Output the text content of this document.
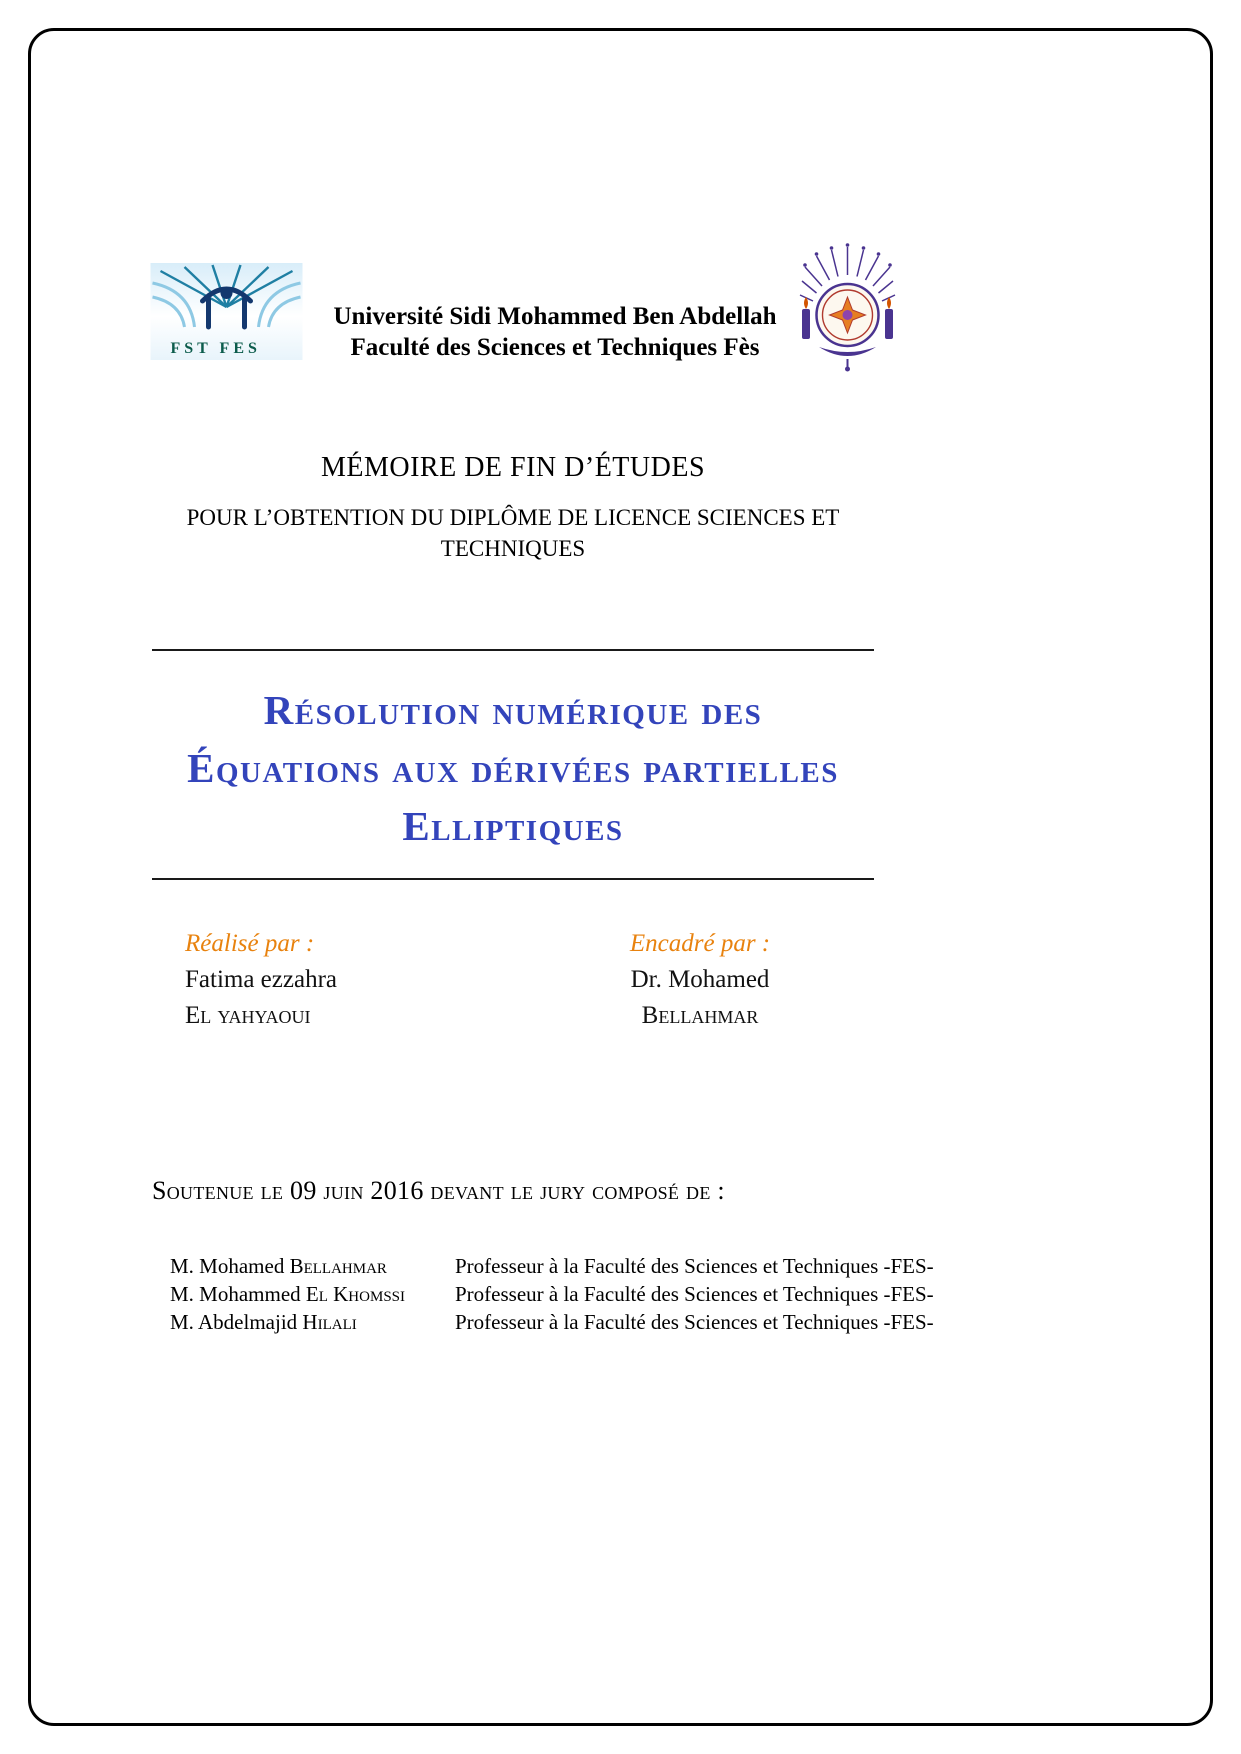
FST FES
Université Sidi Mohammed Ben Abdellah
Faculté des Sciences et Techniques Fès
MÉMOIRE DE FIN D’ÉTUDES
POUR L’OBTENTION DU DIPLÔME DE LICENCE SCIENCES ET
TECHNIQUES
Résolution numérique des
Équations aux dérivées partielles
Elliptiques
Réalisé par :
Fatima ezzahra
El yahyaoui
Encadré par :
Dr. Mohamed
Bellahmar
Soutenue le 09 juin 2016 devant le jury composé de :
M. Mohamed Bellahmar	Professeur à la Faculté des Sciences et Techniques -FES-
M. Mohammed El Khomssi	Professeur à la Faculté des Sciences et Techniques -FES-
M. Abdelmajid Hilali	Professeur à la Faculté des Sciences et Techniques -FES-
